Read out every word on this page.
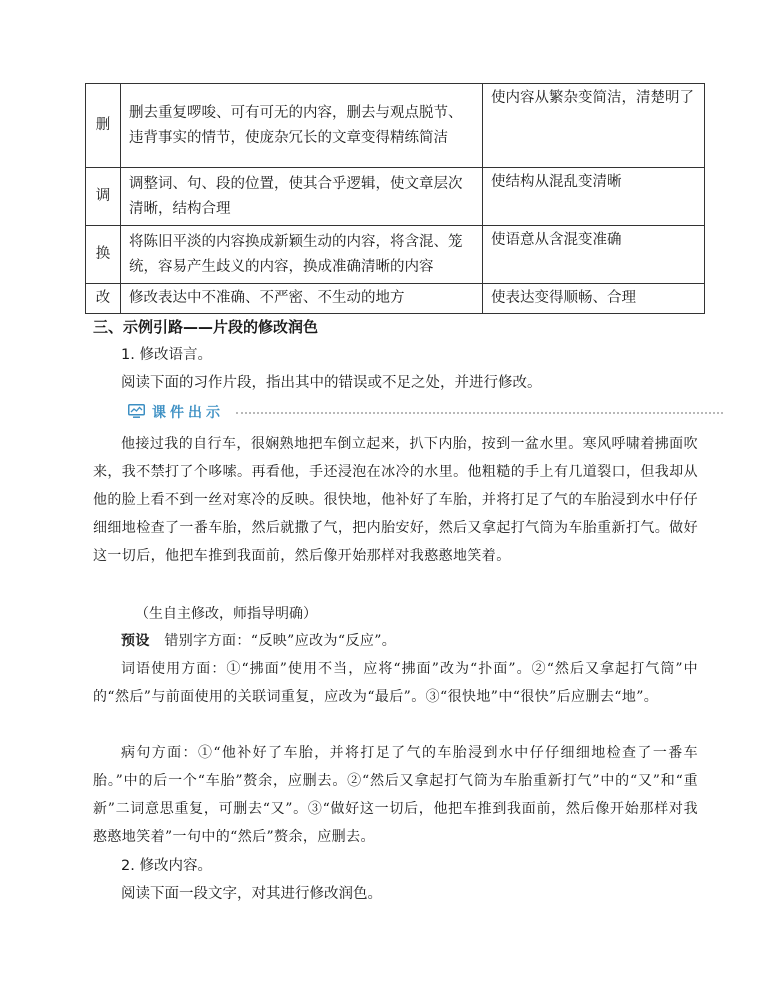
删	删去重复啰唆、可有可无的内容，删去与观点脱节、违背事实的情节，使庞杂冗长的文章变得精练简洁	使内容从繁杂变简洁，清楚明了
调	调整词、句、段的位置，使其合乎逻辑，使文章层次清晰，结构合理	使结构从混乱变清晰
换	将陈旧平淡的内容换成新颖生动的内容，将含混、笼统，容易产生歧义的内容，换成准确清晰的内容	使语意从含混变准确
改	修改表达中不准确、不严密、不生动的地方	使表达变得顺畅、合理
三、示例引路——片段的修改润色

1. 修改语言。

阅读下面的习作片段，指出其中的错误或不足之处，并进行修改。

课件出示

他接过我的自行车，很娴熟地把车倒立起来，扒下内胎，按到一盆水里。寒风呼啸着拂面吹来，我不禁打了个哆嗦。再看他，手还浸泡在冰冷的水里。他粗糙的手上有几道裂口，但我却从他的脸上看不到一丝对寒冷的反映。很快地，他补好了车胎，并将打足了气的车胎浸到水中仔仔细细地检查了一番车胎，然后就撒了气，把内胎安好，然后又拿起打气筒为车胎重新打气。做好这一切后，他把车推到我面前，然后像开始那样对我憨憨地笑着。

（生自主修改，师指导明确）

预设 错别字方面：“反映”应改为“反应”。

词语使用方面：①“拂面”使用不当，应将“拂面”改为“扑面”。②“然后又拿起打气筒”中的“然后”与前面使用的关联词重复，应改为“最后”。③“很快地”中“很快”后应删去“地”。

病句方面：①“他补好了车胎，并将打足了气的车胎浸到水中仔仔细细地检查了一番车胎。”中的后一个“车胎”赘余，应删去。②“然后又拿起打气筒为车胎重新打气”中的“又”和“重新”二词意思重复，可删去“又”。③“做好这一切后，他把车推到我面前，然后像开始那样对我憨憨地笑着”一句中的“然后”赘余，应删去。

2. 修改内容。

阅读下面一段文字，对其进行修改润色。
